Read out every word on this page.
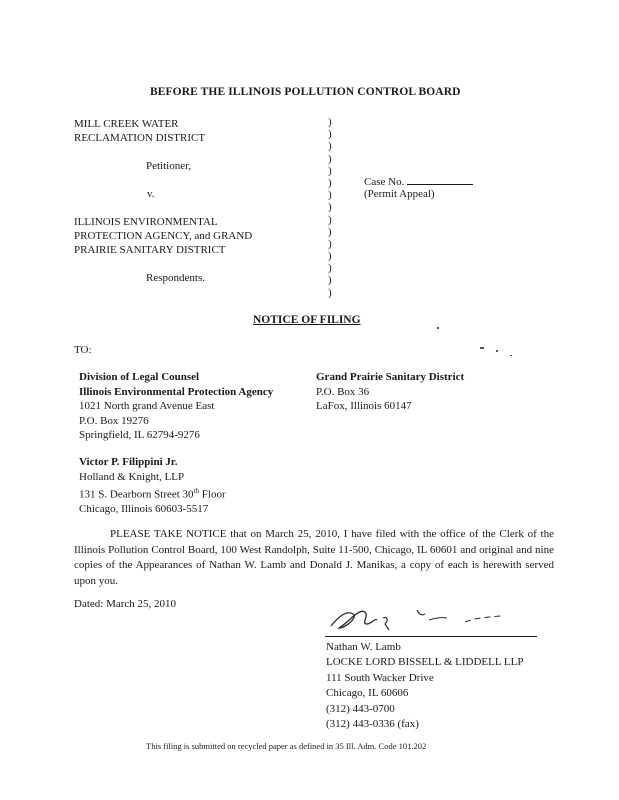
BEFORE THE ILLINOIS POLLUTION CONTROL BOARD
MILL CREEK WATER
RECLAMATION DISTRICT
Petitioner,
v.
ILLINOIS ENVIRONMENTAL
PROTECTION AGENCY, and GRAND
PRAIRIE SANITARY DISTRICT
Respondents.
)
)
)
)
)
)
)
)
)
)
)
)
)
)
)
Case No.
(Permit Appeal)
NOTICE OF FILING
TO:
Division of Legal Counsel
Illinois Environmental Protection Agency
1021 North grand Avenue East
P.O. Box 19276
Springfield, IL 62794-9276
Grand Prairie Sanitary District
P.O. Box 36
LaFox, Illinois 60147
Victor P. Filippini Jr.
Holland & Knight, LLP
131 S. Dearborn Street 30th Floor
Chicago, Illinois 60603-5517
PLEASE TAKE NOTICE that on March 25, 2010, I have filed with the office of the Clerk of the Illinois Pollution Control Board, 100 West Randolph, Suite 11-500, Chicago, IL 60601 and original and nine copies of the Appearances of Nathan W. Lamb and Donald J. Manikas, a copy of each is herewith served upon you.
Dated: March 25, 2010
Nathan W. Lamb
LOCKE LORD BISSELL & LIDDELL LLP
111 South Wacker Drive
Chicago, IL 60606
(312) 443-0700
(312) 443-0336 (fax)
This filing is submitted on recycled paper as defined in 35 Ill. Adm. Code 101.202
